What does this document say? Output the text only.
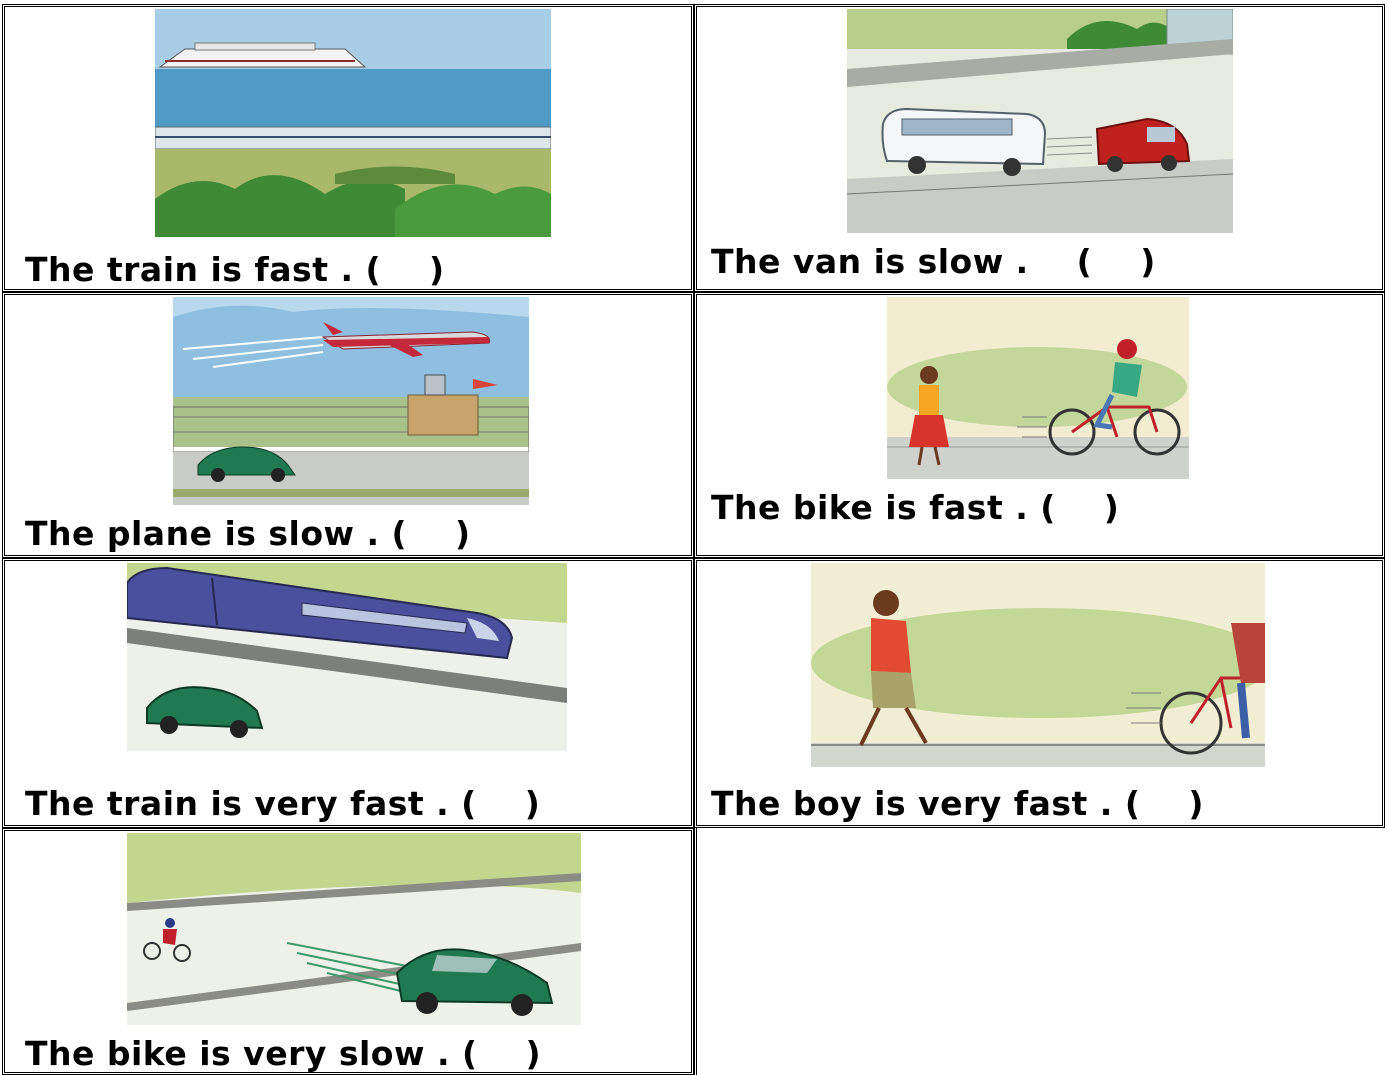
The train is fast . (    )	The van is slow .    (    )
The plane is slow . (    )
The bike is fast . (    )
The train is very fast . (    )	The boy is very fast . (    )
The bike is very slow . (    )
